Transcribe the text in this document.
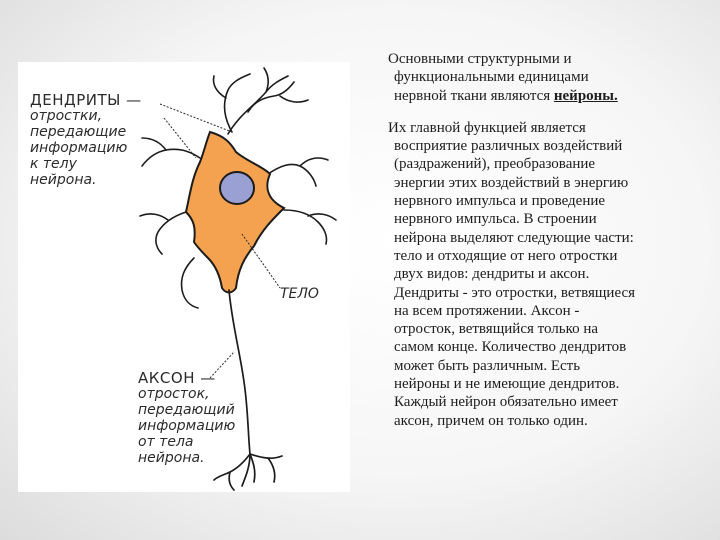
ДЕНДРИТЫ —
отростки,
передающие
информацию
к телу
нейрона.
ТЕЛО
АКСОН —
отросток,
передающий
информацию
от тела
нейрона.

Основными структурными и
функциональными единицами
нервной ткани являются нейроны.

Их главной функцией является
восприятие различных воздействий
(раздражений), преобразование
энергии этих воздействий в энергию
нервного импульса и проведение
нервного импульса. В строении
нейрона выделяют следующие части:
тело и отходящие от него отростки
двух видов: дендриты и аксон.
Дендриты - это отростки, ветвящиеся
на всем протяжении. Аксон -
отросток, ветвящийся только на
самом конце. Количество дендритов
может быть различным. Есть
нейроны и не имеющие дендритов.
Каждый нейрон обязательно имеет
аксон, причем он только один.
